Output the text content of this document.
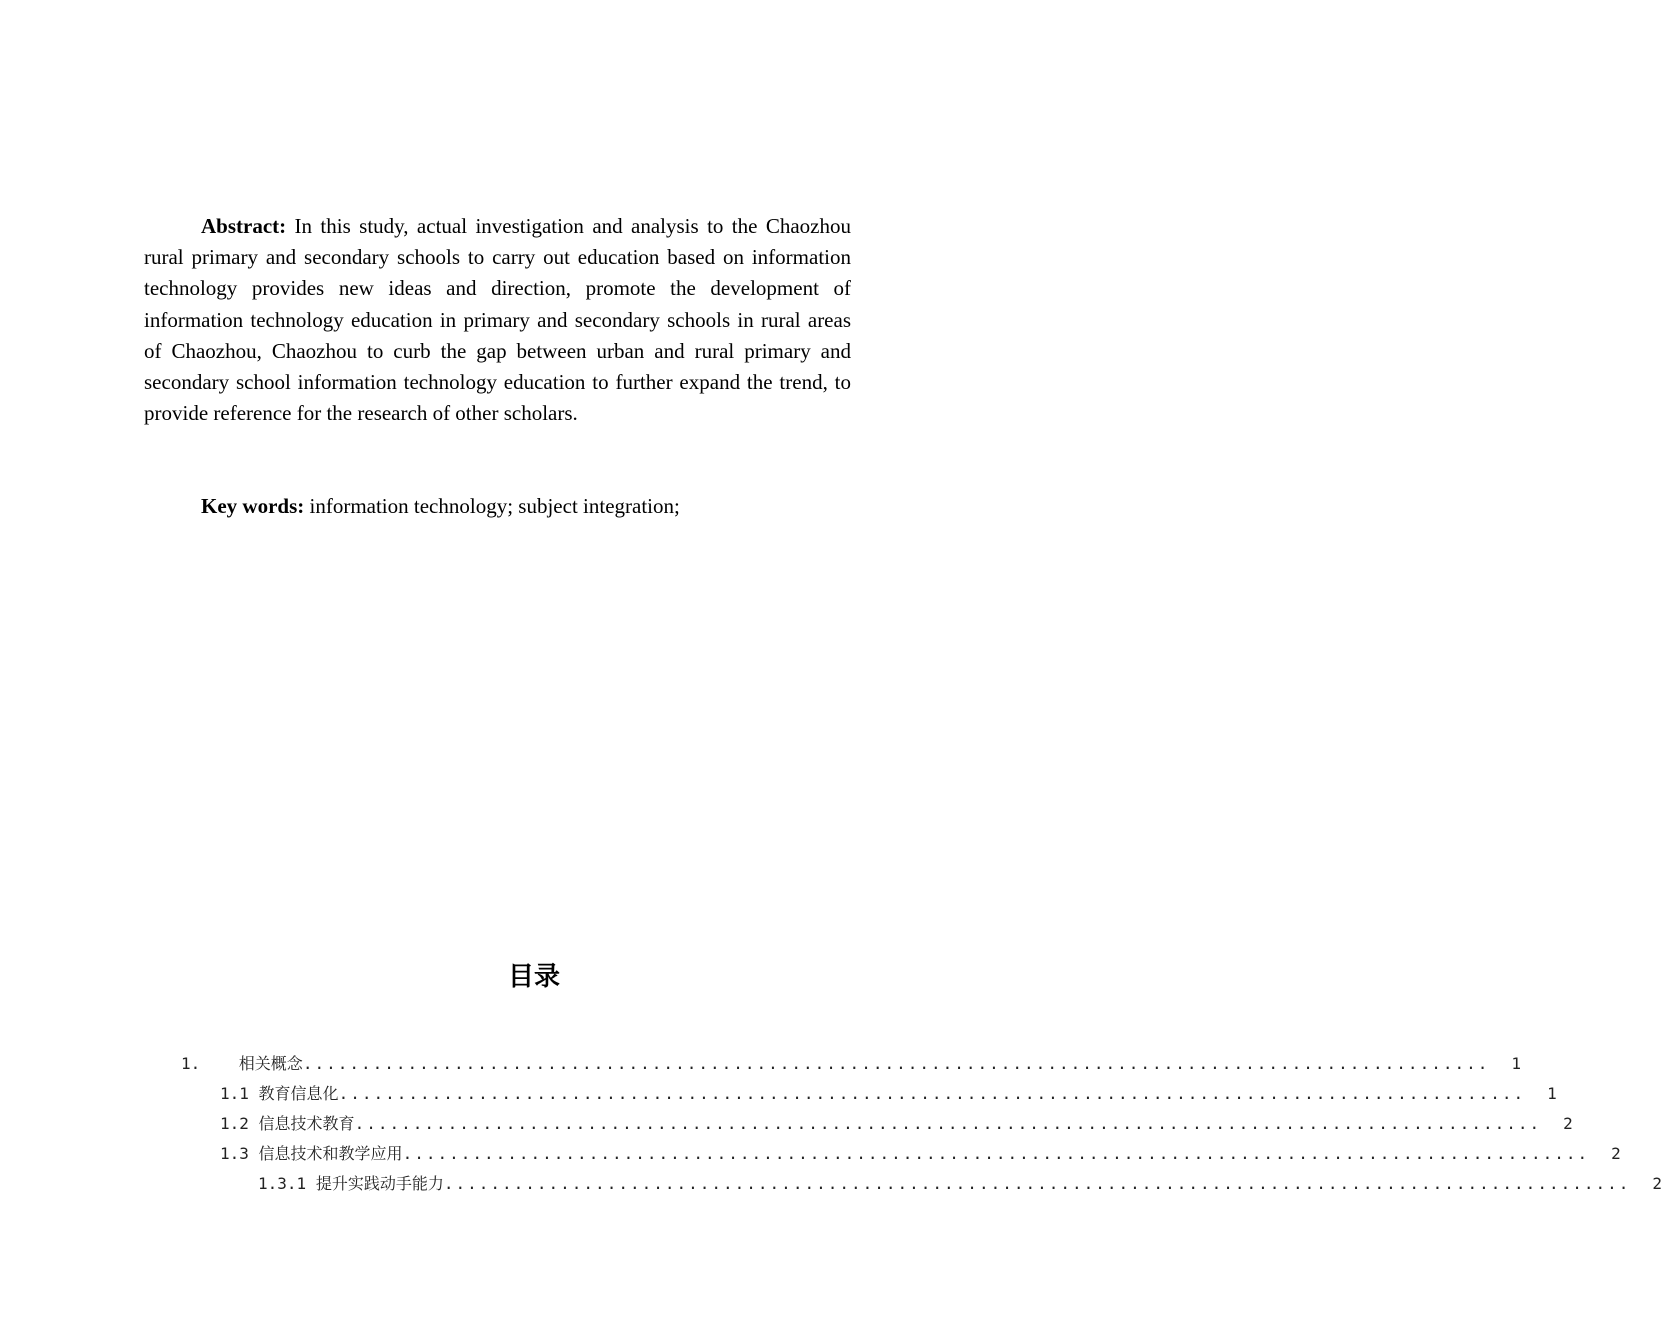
Abstract: In this study, actual investigation and analysis to the Chaozhou rural primary and secondary schools to carry out education based on information technology provides new ideas and direction, promote the development of information technology education in primary and secondary schools in rural areas of Chaozhou, Chaozhou to curb the gap between urban and rural primary and secondary school information technology education to further expand the trend, to provide reference for the research of other scholars.

Key words: information technology; subject integration;

目录
1.
相关概念 ...................................................................................................... 1
1.1
教育信息化 ...................................................................................................... 1
1.2
信息技术教育 ...................................................................................................... 2
1.3
信息技术和教学应用 ...................................................................................................... 2
1.3.1
提升实践动手能力 ...................................................................................................... 2
